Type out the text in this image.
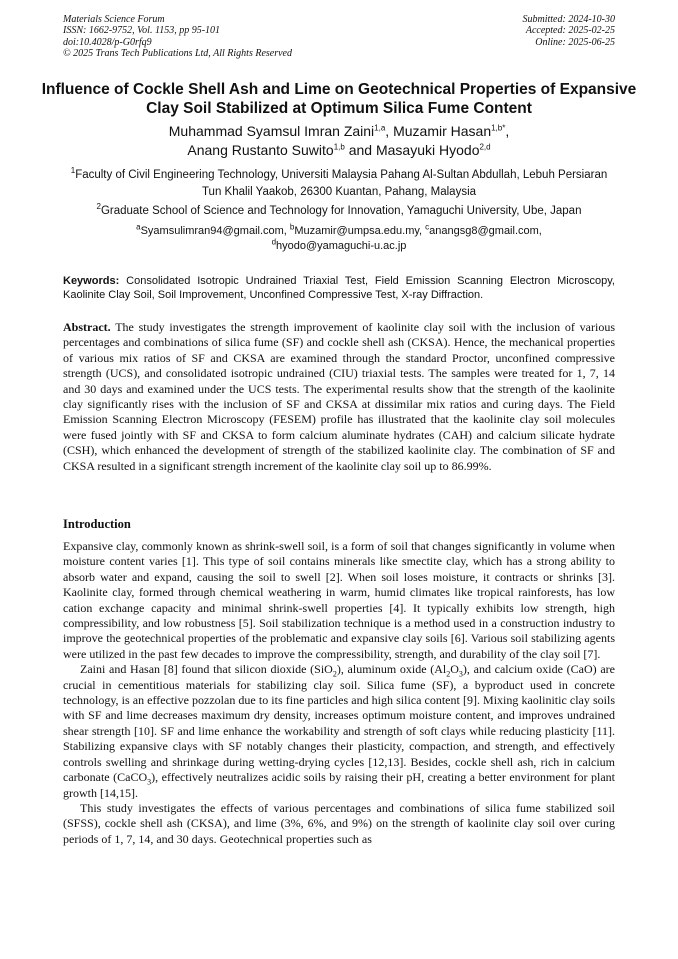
Materials Science Forum
ISSN: 1662-9752, Vol. 1153, pp 95-101
doi:10.4028/p-G0rfq9
© 2025 Trans Tech Publications Ltd, All Rights Reserved
Submitted: 2024-10-30
Accepted: 2025-02-25
Online: 2025-06-25
Influence of Cockle Shell Ash and Lime on Geotechnical Properties of Expansive Clay Soil Stabilized at Optimum Silica Fume Content
Muhammad Syamsul Imran Zaini$^{1,a}$, Muzamir Hasan$^{1,b*}$,
Anang Rustanto Suwito$^{1,b}$ and Masayuki Hyodo$^{2,d}$
$^1$Faculty of Civil Engineering Technology, Universiti Malaysia Pahang Al-Sultan Abdullah, Lebuh Persiaran Tun Khalil Yaakob, 26300 Kuantan, Pahang, Malaysia
$^2$Graduate School of Science and Technology for Innovation, Yamaguchi University, Ube, Japan
$^a$Syamsulimran94@gmail.com, $^b$Muzamir@umpsa.edu.my, $^c$anangsg8@gmail.com,
$^d$hyodo@yamaguchi-u.ac.jp
Keywords: Consolidated Isotropic Undrained Triaxial Test, Field Emission Scanning Electron Microscopy, Kaolinite Clay Soil, Soil Improvement, Unconfined Compressive Test, X-ray Diffraction.
Abstract. The study investigates the strength improvement of kaolinite clay soil with the inclusion of various percentages and combinations of silica fume (SF) and cockle shell ash (CKSA). Hence, the mechanical properties of various mix ratios of SF and CKSA are examined through the standard Proctor, unconfined compressive strength (UCS), and consolidated isotropic undrained (CIU) triaxial tests. The samples were treated for 1, 7, 14 and 30 days and examined under the UCS tests. The experimental results show that the strength of the kaolinite clay significantly rises with the inclusion of SF and CKSA at dissimilar mix ratios and curing days. The Field Emission Scanning Electron Microscopy (FESEM) profile has illustrated that the kaolinite clay soil molecules were fused jointly with SF and CKSA to form calcium aluminate hydrates (CAH) and calcium silicate hydrate (CSH), which enhanced the development of strength of the stabilized kaolinite clay. The combination of SF and CKSA resulted in a significant strength increment of the kaolinite clay soil up to 86.99%.
Introduction

Expansive clay, commonly known as shrink-swell soil, is a form of soil that changes significantly in volume when moisture content varies [1]. This type of soil contains minerals like smectite clay, which has a strong ability to absorb water and expand, causing the soil to swell [2]. When soil loses moisture, it contracts or shrinks [3]. Kaolinite clay, formed through chemical weathering in warm, humid climates like tropical rainforests, has low cation exchange capacity and minimal shrink-swell properties [4]. It typically exhibits low strength, high compressibility, and low robustness [5]. Soil stabilization technique is a method used in a construction industry to improve the geotechnical properties of the problematic and expansive clay soils [6]. Various soil stabilizing agents were utilized in the past few decades to improve the compressibility, strength, and durability of the clay soil [7].

Zaini and Hasan [8] found that silicon dioxide (SiO$_2$), aluminum oxide $(Al_2O_3)$, and calcium oxide (CaO) are crucial in cementitious materials for stabilizing clay soil. Silica fume (SF), a byproduct used in concrete technology, is an effective pozzolan due to its fine particles and high silica content [9]. Mixing kaolinitic clay soils with SF and lime decreases maximum dry density, increases optimum moisture content, and improves undrained shear strength [10]. SF and lime enhance the workability and strength of soft clays while reducing plasticity [11]. Stabilizing expansive clays with SF notably changes their plasticity, compaction, and strength, and effectively controls swelling and shrinkage during wetting-drying cycles [12,13]. Besides, cockle shell ash, rich in calcium carbonate (CaCO$_3$), effectively neutralizes acidic soils by raising their pH, creating a better environment for plant growth [14,15].

This study investigates the effects of various percentages and combinations of silica fume stabilized soil (SFSS), cockle shell ash (CKSA), and lime (3%, 6%, and 9%) on the strength of kaolinite clay soil over curing periods of 1, 7, 14, and 30 days. Geotechnical properties such as
